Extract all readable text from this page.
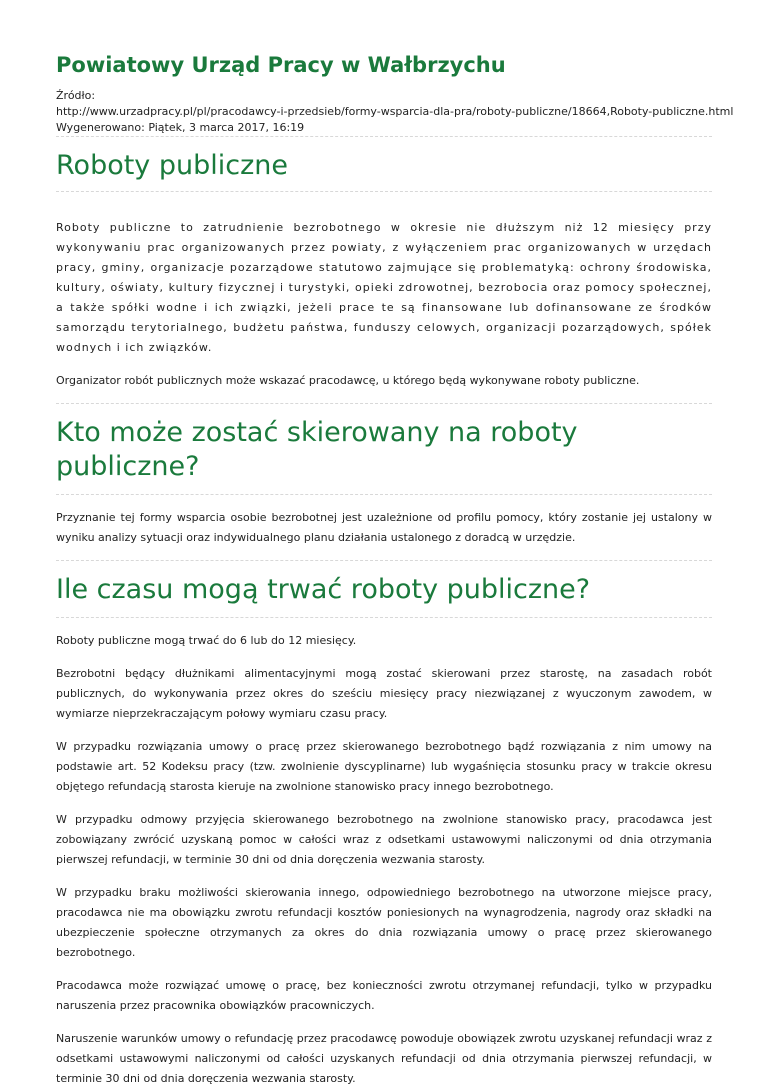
Powiatowy Urząd Pracy w Wałbrzychu
Źródło:
http://www.urzadpracy.pl/pl/pracodawcy-i-przedsieb/formy-wsparcia-dla-pra/roboty-publiczne/18664,Roboty-publiczne.html
Wygenerowano: Piątek, 3 marca 2017, 16:19
Roboty publiczne

Roboty publiczne to zatrudnienie bezrobotnego w okresie nie dłuższym niż 12 miesięcy przy wykonywaniu prac organizowanych przez powiaty, z wyłączeniem prac organizowanych w urzędach pracy, gminy, organizacje pozarządowe statutowo zajmujące się problematyką: ochrony środowiska, kultury, oświaty, kultury fizycznej i turystyki, opieki zdrowotnej, bezrobocia oraz pomocy społecznej, a także spółki wodne i ich związki, jeżeli prace te są finansowane lub dofinansowane ze środków samorządu terytorialnego, budżetu państwa, funduszy celowych, organizacji pozarządowych, spółek wodnych i ich związków.

Organizator robót publicznych może wskazać pracodawcę, u którego będą wykonywane roboty publiczne.

Kto może zostać skierowany na roboty publiczne?

Przyznanie tej formy wsparcia osobie bezrobotnej jest uzależnione od profilu pomocy, który zostanie jej ustalony w wyniku analizy sytuacji oraz indywidualnego planu działania ustalonego z doradcą w urzędzie.

Ile czasu mogą trwać roboty publiczne?

Roboty publiczne mogą trwać do 6 lub do 12 miesięcy.

Bezrobotni będący dłużnikami alimentacyjnymi mogą zostać skierowani przez starostę, na zasadach robót publicznych, do wykonywania przez okres do sześciu miesięcy pracy niezwiązanej z wyuczonym zawodem, w wymiarze nieprzekraczającym połowy wymiaru czasu pracy.

W przypadku rozwiązania umowy o pracę przez skierowanego bezrobotnego bądź rozwiązania z nim umowy na podstawie art. 52 Kodeksu pracy (tzw. zwolnienie dyscyplinarne) lub wygaśnięcia stosunku pracy w trakcie okresu objętego refundacją starosta kieruje na zwolnione stanowisko pracy innego bezrobotnego.

W przypadku odmowy przyjęcia skierowanego bezrobotnego na zwolnione stanowisko pracy, pracodawca jest zobowiązany zwrócić uzyskaną pomoc w całości wraz z odsetkami ustawowymi naliczonymi od dnia otrzymania pierwszej refundacji, w terminie 30 dni od dnia doręczenia wezwania starosty.

W przypadku braku możliwości skierowania innego, odpowiedniego bezrobotnego na utworzone miejsce pracy, pracodawca nie ma obowiązku zwrotu refundacji kosztów poniesionych na wynagrodzenia, nagrody oraz składki na ubezpieczenie społeczne otrzymanych za okres do dnia rozwiązania umowy o pracę przez skierowanego bezrobotnego.

Pracodawca może rozwiązać umowę o pracę, bez konieczności zwrotu otrzymanej refundacji, tylko w przypadku naruszenia przez pracownika obowiązków pracowniczych.

Naruszenie warunków umowy o refundację przez pracodawcę powoduje obowiązek zwrotu uzyskanej refundacji wraz z odsetkami ustawowymi naliczonymi od całości uzyskanych refundacji od dnia otrzymania pierwszej refundacji, w terminie 30 dni od dnia doręczenia wezwania starosty.
